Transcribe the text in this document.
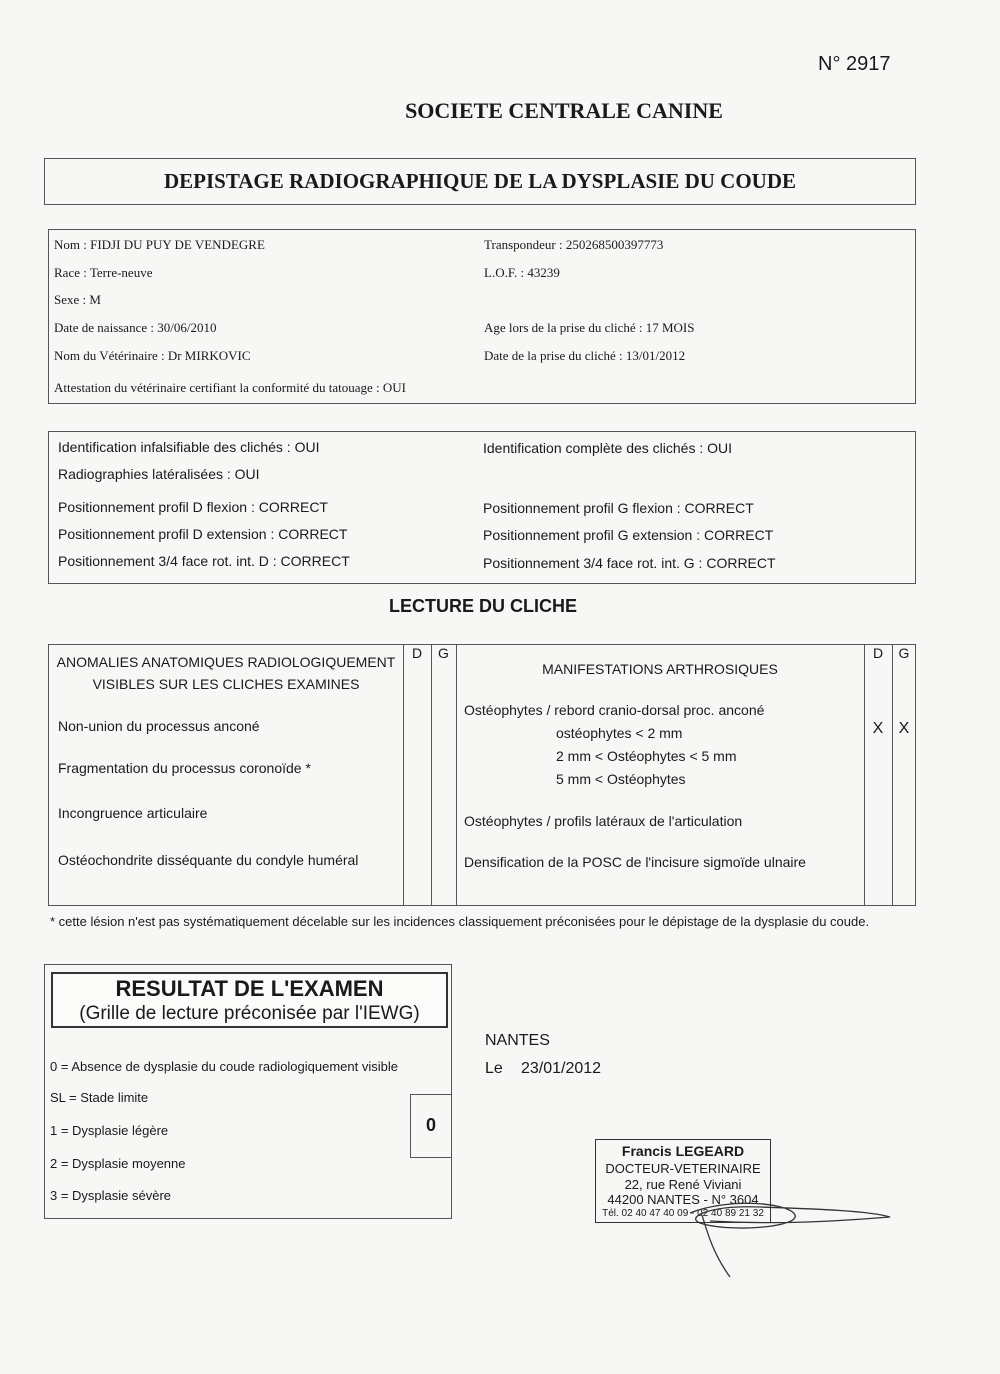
N° 2917
SOCIETE CENTRALE CANINE
DEPISTAGE RADIOGRAPHIQUE DE LA DYSPLASIE DU COUDE
Nom : FIDJI DU PUY DE VENDEGRE
Race : Terre-neuve
Sexe : M
Date de naissance : 30/06/2010
Nom du Vétérinaire : Dr MIRKOVIC
Attestation du vétérinaire certifiant la conformité du tatouage : OUI
Transpondeur : 250268500397773
L.O.F. : 43239
Age lors de la prise du cliché : 17 MOIS
Date de la prise du cliché : 13/01/2012
Identification infalsifiable des clichés : OUI
Radiographies latéralisées : OUI
Positionnement profil D flexion : CORRECT
Positionnement profil D extension : CORRECT
Positionnement 3/4 face rot. int. D : CORRECT
Identification complète des clichés : OUI
Positionnement profil G flexion : CORRECT
Positionnement profil G extension : CORRECT
Positionnement 3/4 face rot. int. G : CORRECT
LECTURE DU CLICHE
ANOMALIES ANATOMIQUES RADIOLOGIQUEMENT
VISIBLES SUR LES CLICHES EXAMINES
D	G
Non-union du processus anconé
Fragmentation du processus coronoïde *
Incongruence articulaire
Ostéochondrite disséquante du condyle huméral
MANIFESTATIONS ARTHROSIQUES
D	G
Ostéophytes / rebord cranio-dorsal proc. anconé
ostéophytes < 2 mm
2 mm < Ostéophytes < 5 mm
5 mm < Ostéophytes
Ostéophytes / profils latéraux de l'articulation
Densification de la POSC de l'incisure sigmoïde ulnaire
X X
* cette lésion n'est pas systématiquement décelable sur les incidences classiquement préconisées pour le dépistage de la dysplasie du coude.
RESULTAT DE L'EXAMEN
(Grille de lecture préconisée par l'IEWG)
0 = Absence de dysplasie du coude radiologiquement visible
SL = Stade limite
1 = Dysplasie légère
2 = Dysplasie moyenne
3 = Dysplasie sévère
0
NANTES
Le 23/01/2012
Francis LEGEARD
DOCTEUR-VETERINAIRE
22, rue René Viviani
44200 NANTES - N° 3604
Tél. 02 40 47 40 09 - 02 40 89 21 32
